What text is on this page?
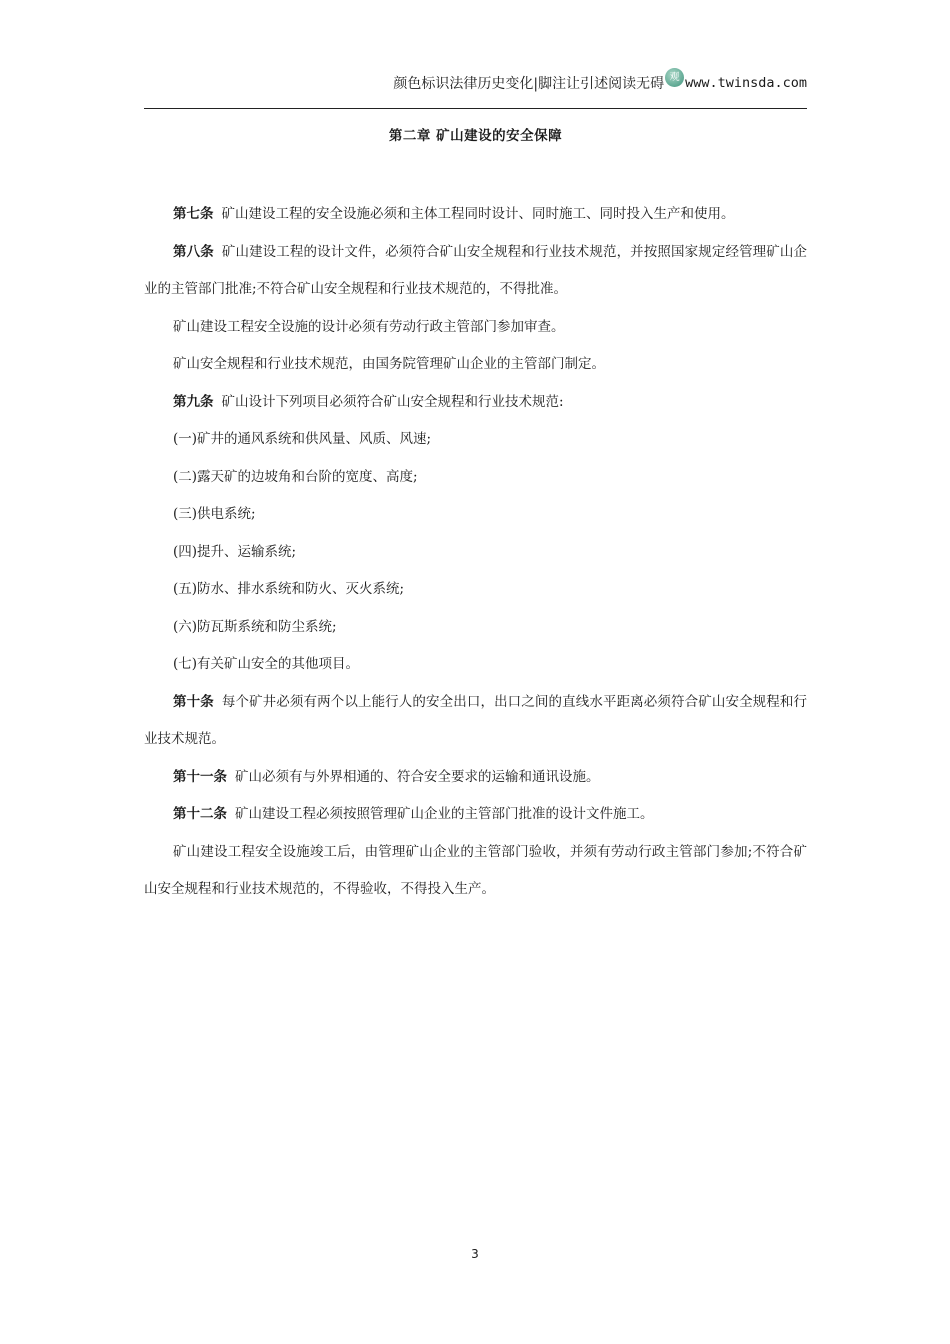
颜色标识法律历史变化|脚注让引述阅读无碍 观 www.twinsda.com
第二章 矿山建设的安全保障

第七条 矿山建设工程的安全设施必须和主体工程同时设计、同时施工、同时投入生产和使用。

第八条 矿山建设工程的设计文件，必须符合矿山安全规程和行业技术规范，并按照国家规定经管理矿山企业的主管部门批准;不符合矿山安全规程和行业技术规范的，不得批准。

矿山建设工程安全设施的设计必须有劳动行政主管部门参加审查。

矿山安全规程和行业技术规范，由国务院管理矿山企业的主管部门制定。

第九条 矿山设计下列项目必须符合矿山安全规程和行业技术规范:

(一)矿井的通风系统和供风量、风质、风速;

(二)露天矿的边坡角和台阶的宽度、高度;

(三)供电系统;

(四)提升、运输系统;

(五)防水、排水系统和防火、灭火系统;

(六)防瓦斯系统和防尘系统;

(七)有关矿山安全的其他项目。

第十条 每个矿井必须有两个以上能行人的安全出口，出口之间的直线水平距离必须符合矿山安全规程和行业技术规范。

第十一条 矿山必须有与外界相通的、符合安全要求的运输和通讯设施。

第十二条 矿山建设工程必须按照管理矿山企业的主管部门批准的设计文件施工。

矿山建设工程安全设施竣工后，由管理矿山企业的主管部门验收，并须有劳动行政主管部门参加;不符合矿山安全规程和行业技术规范的，不得验收，不得投入生产。

3
